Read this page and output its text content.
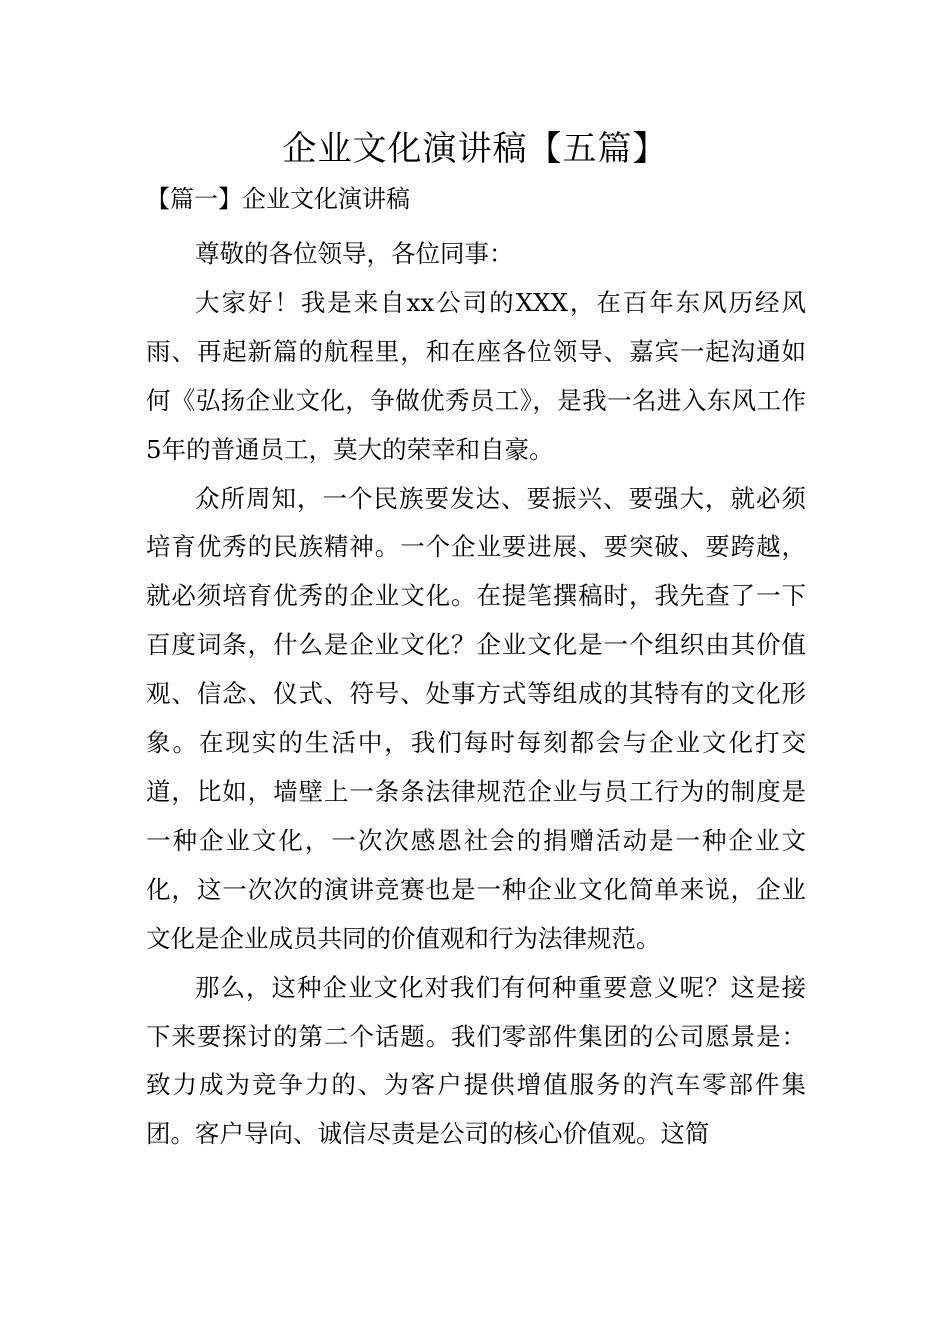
企业文化演讲稿【五篇】
【篇一】企业文化演讲稿

尊敬的各位领导，各位同事：

大家好！我是来自xx公司的XXX，在百年东风历经风雨、再起新篇的航程里，和在座各位领导、嘉宾一起沟通如何《弘扬企业文化，争做优秀员工》，是我一名进入东风工作5年的普通员工，莫大的荣幸和自豪。

众所周知，一个民族要发达、要振兴、要强大，就必须培育优秀的民族精神。一个企业要进展、要突破、要跨越，就必须培育优秀的企业文化。在提笔撰稿时，我先查了一下百度词条，什么是企业文化？企业文化是一个组织由其价值观、信念、仪式、符号、处事方式等组成的其特有的文化形象。在现实的生活中，我们每时每刻都会与企业文化打交道，比如，墙壁上一条条法律规范企业与员工行为的制度是一种企业文化，一次次感恩社会的捐赠活动是一种企业文化，这一次次的演讲竞赛也是一种企业文化简单来说，企业文化是企业成员共同的价值观和行为法律规范。

那么，这种企业文化对我们有何种重要意义呢？这是接下来要探讨的第二个话题。我们零部件集团的公司愿景是：致力成为竞争力的、为客户提供增值服务的汽车零部件集团。客户导向、诚信尽责是公司的核心价值观。这简
